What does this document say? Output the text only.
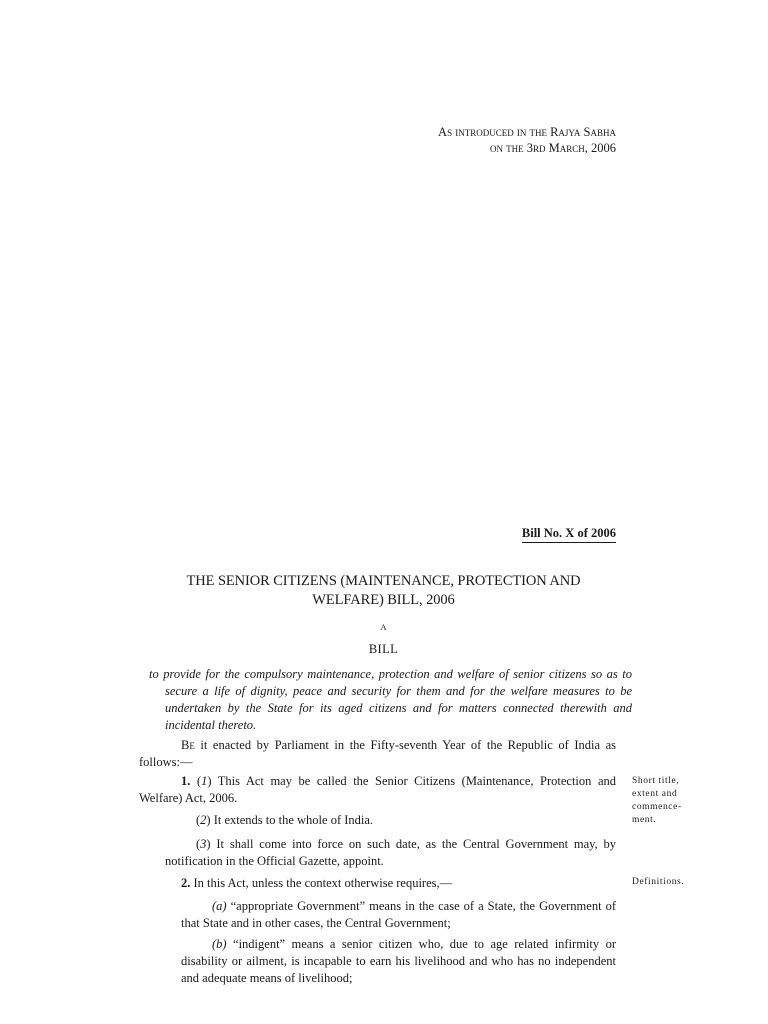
As introduced in the Rajya Sabha
on the 3rd March, 2006
Bill No. X of 2006
THE SENIOR CITIZENS (MAINTENANCE, PROTECTION AND
WELFARE) BILL, 2006
A
BILL
to provide for the compulsory maintenance, protection and welfare of senior citizens so as to secure a life of dignity, peace and security for them and for the welfare measures to be undertaken by the State for its aged citizens and for matters connected therewith and incidental thereto.
Be it enacted by Parliament in the Fifty-seventh Year of the Republic of India as follows:—
1. (1) This Act may be called the Senior Citizens (Maintenance, Protection and Welfare) Act, 2006.
(2) It extends to the whole of India.
(3) It shall come into force on such date, as the Central Government may, by notification in the Official Gazette, appoint.
Short title,
extent and
commence-
ment.
2. In this Act, unless the context otherwise requires,—
(a) “appropriate Government” means in the case of a State, the Government of that State and in other cases, the Central Government;
(b) “indigent” means a senior citizen who, due to age related infirmity or disability or ailment, is incapable to earn his livelihood and who has no independent and adequate means of livelihood;
Definitions.
